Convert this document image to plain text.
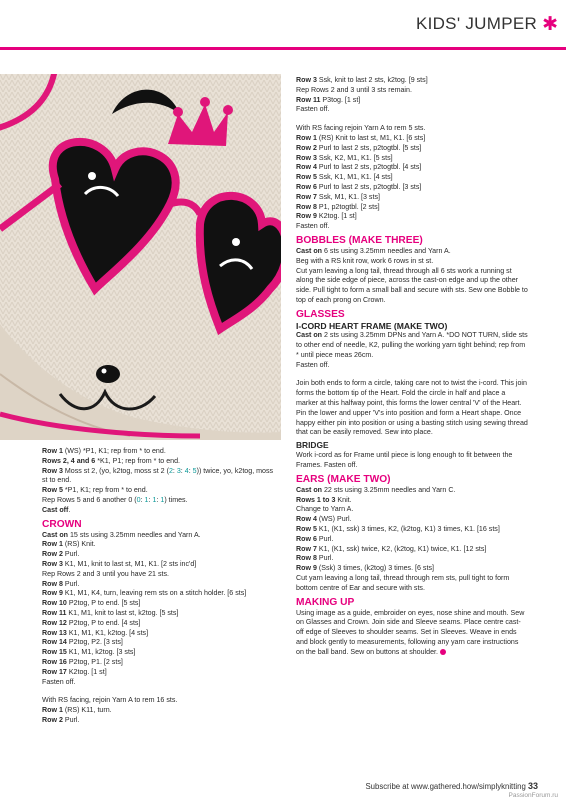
KIDS' JUMPER ✱

Row 1 (WS) *P1, K1; rep from * to end.

Rows 2, 4 and 6 *K1, P1; rep from * to end.

Row 3 Moss st 2, (yo, k2tog, moss st 2 (2: 3: 4: 5)) twice, yo, k2tog, moss st to end.

Row 5 *P1, K1; rep from * to end.

Rep Rows 5 and 6 another 0 (0: 1: 1: 1) times.

Cast off.

CROWN

Cast on 15 sts using 3.25mm needles and Yarn A.

Row 1 (RS) Knit.

Row 2 Purl.

Row 3 K1, M1, knit to last st, M1, K1. [2 sts inc'd]

Rep Rows 2 and 3 until you have 21 sts.

Row 8 Purl.

Row 9 K1, M1, K4, turn, leaving rem sts on a stitch holder. [6 sts]

Row 10 P2tog, P to end. [5 sts]

Row 11 K1, M1, knit to last st, k2tog. [5 sts]

Row 12 P2tog, P to end. [4 sts]

Row 13 K1, M1, K1, k2tog. [4 sts]

Row 14 P2tog, P2. [3 sts]

Row 15 K1, M1, k2tog. [3 sts]

Row 16 P2tog, P1. [2 sts]

Row 17 K2tog. [1 st]

Fasten off.

With RS facing, rejoin Yarn A to rem 16 sts.

Row 1 (RS) K11, turn.

Row 2 Purl.

Row 3 Ssk, knit to last 2 sts, k2tog. [9 sts]

Rep Rows 2 and 3 until 3 sts remain.

Row 11 P3tog. [1 st]

Fasten off.

With RS facing rejoin Yarn A to rem 5 sts.

Row 1 (RS) Knit to last st, M1, K1. [6 sts]

Row 2 Purl to last 2 sts, p2togtbl. [5 sts]

Row 3 Ssk, K2, M1, K1. [5 sts]

Row 4 Purl to last 2 sts, p2togtbl. [4 sts]

Row 5 Ssk, K1, M1, K1. [4 sts]

Row 6 Purl to last 2 sts, p2togtbl. [3 sts]

Row 7 Ssk, M1, K1. [3 sts]

Row 8 P1, p2togtbl. [2 sts]

Row 9 K2tog. [1 st]

Fasten off.

BOBBLES (MAKE THREE)

Cast on 6 sts using 3.25mm needles and Yarn A.

Beg with a RS knit row, work 6 rows in st st.

Cut yarn leaving a long tail, thread through all 6 sts work a running st along the side edge of piece, across the cast-on edge and up the other side. Pull tight to form a small ball and secure with sts. Sew one Bobble to top of each prong on Crown.

GLASSES
I-CORD HEART FRAME (MAKE TWO)

Cast on 2 sts using 3.25mm DPNs and Yarn A. *DO NOT TURN, slide sts to other end of needle, K2, pulling the working yarn tight behind; rep from * until piece meas 26cm.

Fasten off.

Join both ends to form a circle, taking care not to twist the i-cord. This join forms the bottom tip of the Heart. Fold the circle in half and place a marker at this halfway point, this forms the lower central 'V' of the Heart. Pin the lower and upper 'V's into position and form a Heart shape. Once happy either pin into position or using a basting stitch using sewing thread that can be easily removed. Sew into place.

BRIDGE

Work i-cord as for Frame until piece is long enough to fit between the Frames. Fasten off.

EARS (MAKE TWO)

Cast on 22 sts using 3.25mm needles and Yarn C.

Rows 1 to 3 Knit.

Change to Yarn A.

Row 4 (WS) Purl.

Row 5 K1, (K1, ssk) 3 times, K2, (k2tog, K1) 3 times, K1. [16 sts]

Row 6 Purl.

Row 7 K1, (K1, ssk) twice, K2, (k2tog, K1) twice, K1. [12 sts]

Row 8 Purl.

Row 9 (Ssk) 3 times, (k2tog) 3 times. [6 sts]

Cut yarn leaving a long tail, thread through rem sts, pull tight to form bottom centre of Ear and secure with sts.

MAKING UP

Using image as a guide, embroider on eyes, nose shine and mouth. Sew on Glasses and Crown. Join side and Sleeve seams. Place centre cast-off edge of Sleeves to shoulder seams. Set in Sleeves. Weave in ends and block gently to measurements, following any yarn care instructions on the ball band. Sew on buttons at shoulder.

Subscribe at www.gathered.how/simplyknitting 33
PassionForum.ru
